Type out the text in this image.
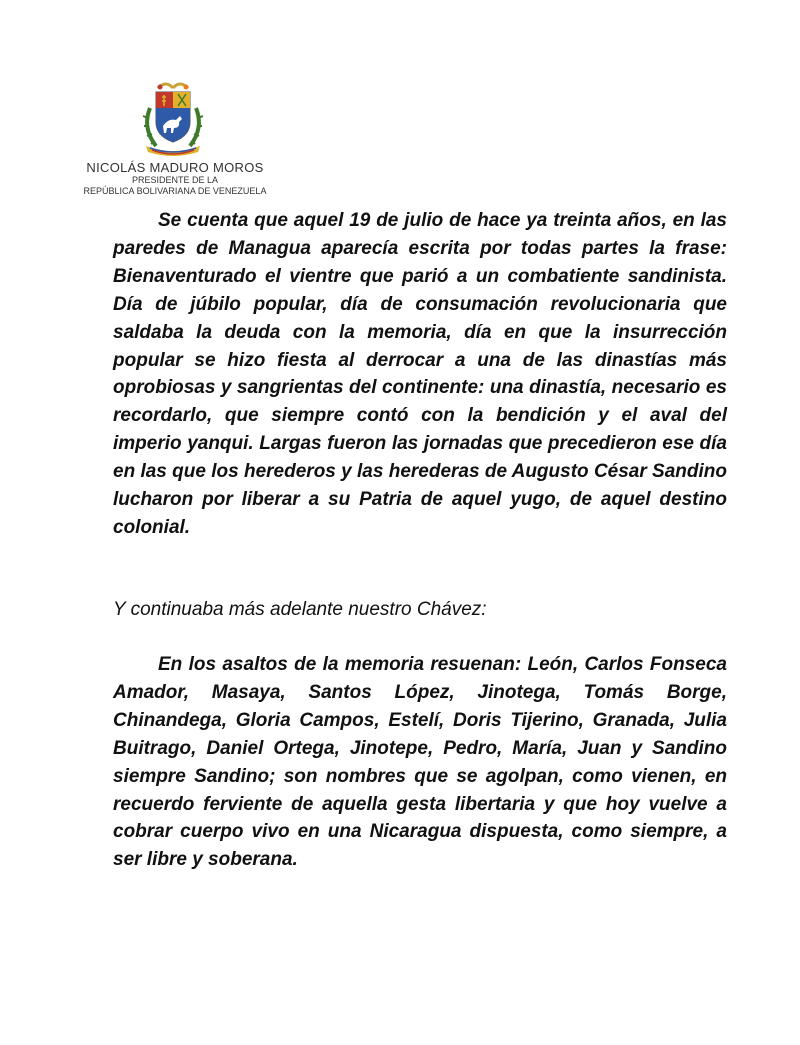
NICOLÁS MADURO MOROS
PRESIDENTE DE LA
REPÚBLICA BOLIVARIANA DE VENEZUELA

Se cuenta que aquel 19 de julio de hace ya treinta años, en las paredes de Managua aparecía escrita por todas partes la frase: Bienaventurado el vientre que parió a un combatiente sandinista. Día de júbilo popular, día de consumación revolucionaria que saldaba la deuda con la memoria, día en que la insurrección popular se hizo fiesta al derrocar a una de las dinastías más oprobiosas y sangrientas del continente: una dinastía, necesario es recordarlo, que siempre contó con la bendición y el aval del imperio yanqui. Largas fueron las jornadas que precedieron ese día en las que los herederos y las herederas de Augusto César Sandino lucharon por liberar a su Patria de aquel yugo, de aquel destino colonial.

Y continuaba más adelante nuestro Chávez:

En los asaltos de la memoria resuenan: León, Carlos Fonseca Amador, Masaya, Santos López, Jinotega, Tomás Borge, Chinandega, Gloria Campos, Estelí, Doris Tijerino, Granada, Julia Buitrago, Daniel Ortega, Jinotepe, Pedro, María, Juan y Sandino siempre Sandino; son nombres que se agolpan, como vienen, en recuerdo ferviente de aquella gesta libertaria y que hoy vuelve a cobrar cuerpo vivo en una Nicaragua dispuesta, como siempre, a ser libre y soberana.
